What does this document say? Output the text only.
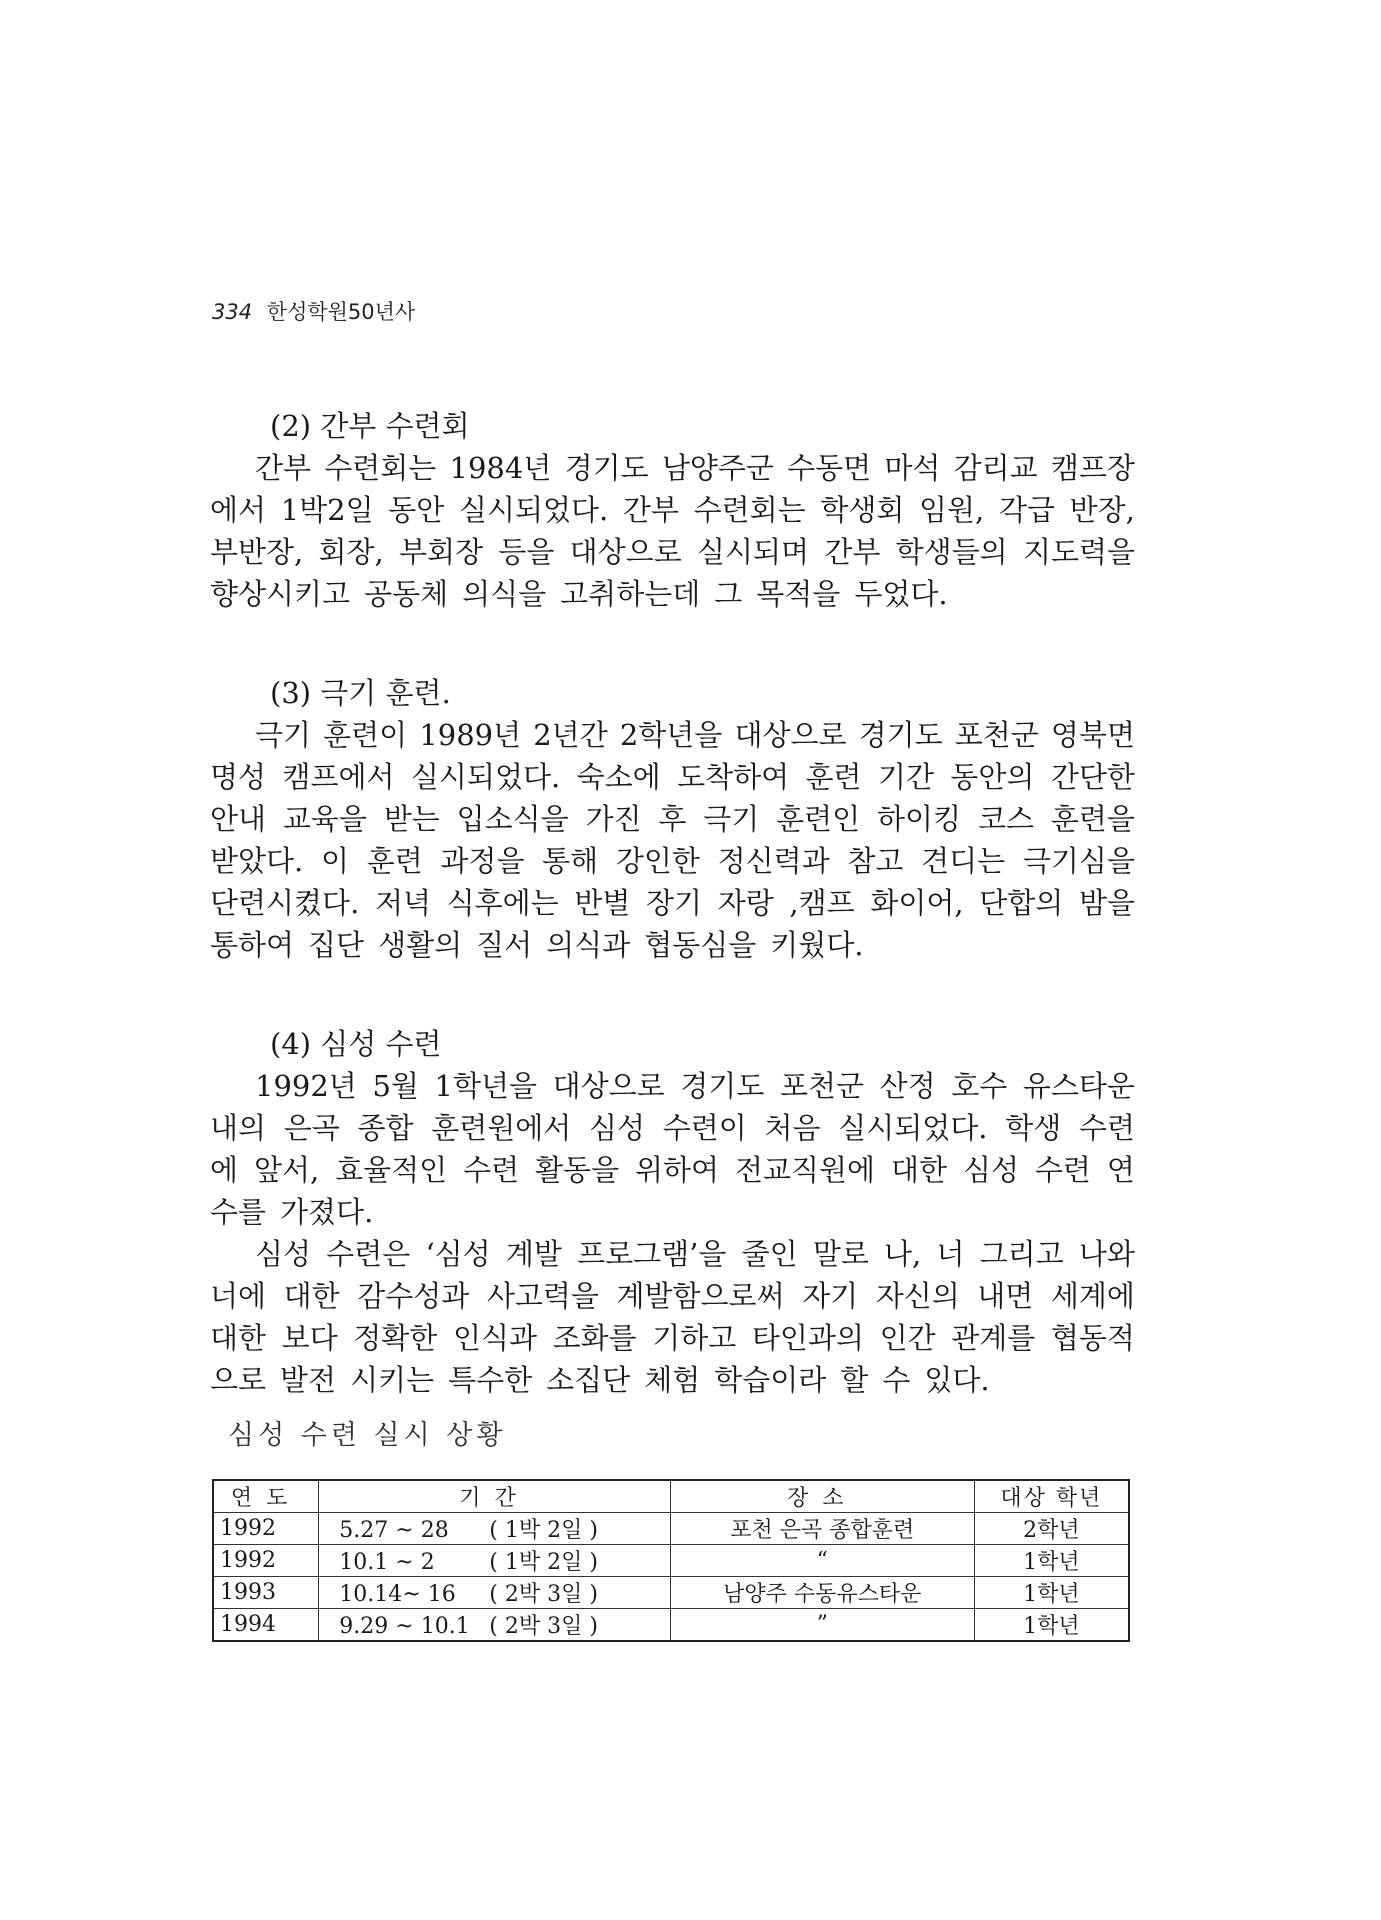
334 한성학원50년사
(2) 간부 수련회
간부 수련회는 1984년 경기도 남양주군 수동면 마석 감리교 캠프장
에서 1박2일 동안 실시되었다. 간부 수련회는 학생회 임원, 각급 반장,
부반장, 회장, 부회장 등을 대상으로 실시되며 간부 학생들의 지도력을
향상시키고 공동체 의식을 고취하는데 그 목적을 두었다.
(3) 극기 훈련.
극기 훈련이 1989년 2년간 2학년을 대상으로 경기도 포천군 영북면
명성 캠프에서 실시되었다. 숙소에 도착하여 훈련 기간 동안의 간단한
안내 교육을 받는 입소식을 가진 후 극기 훈련인 하이킹 코스 훈련을
받았다. 이 훈련 과정을 통해 강인한 정신력과 참고 견디는 극기심을
단련시켰다. 저녁 식후에는 반별 장기 자랑 ,캠프 화이어, 단합의 밤을
통하여 집단 생활의 질서 의식과 협동심을 키웠다.
(4) 심성 수련
1992년 5월 1학년을 대상으로 경기도 포천군 산정 호수 유스타운
내의 은곡 종합 훈련원에서 심성 수련이 처음 실시되었다. 학생 수련
에 앞서, 효율적인 수련 활동을 위하여 전교직원에 대한 심성 수련 연
수를 가졌다.
심성 수련은 ‘심성 계발 프로그램’을 줄인 말로 나, 너 그리고 나와
너에 대한 감수성과 사고력을 계발함으로써 자기 자신의 내면 세계에
대한 보다 정확한 인식과 조화를 기하고 타인과의 인간 관계를 협동적
으로 발전 시키는 특수한 소집단 체험 학습이라 할 수 있다.
심성 수련 실시 상황
연도	기간	장소	대상 학년
1992	5.27 ~ 28 ( 1박 2일 )	포천 은곡 종합훈련	2학년
1992	10.1 ~ 2 ( 1박 2일 )	“	1학년
1993	10.14~ 16 ( 2박 3일 )	남양주 수동유스타운	1학년
1994	9.29 ~ 10.1 ( 2박 3일 )	”	1학년
